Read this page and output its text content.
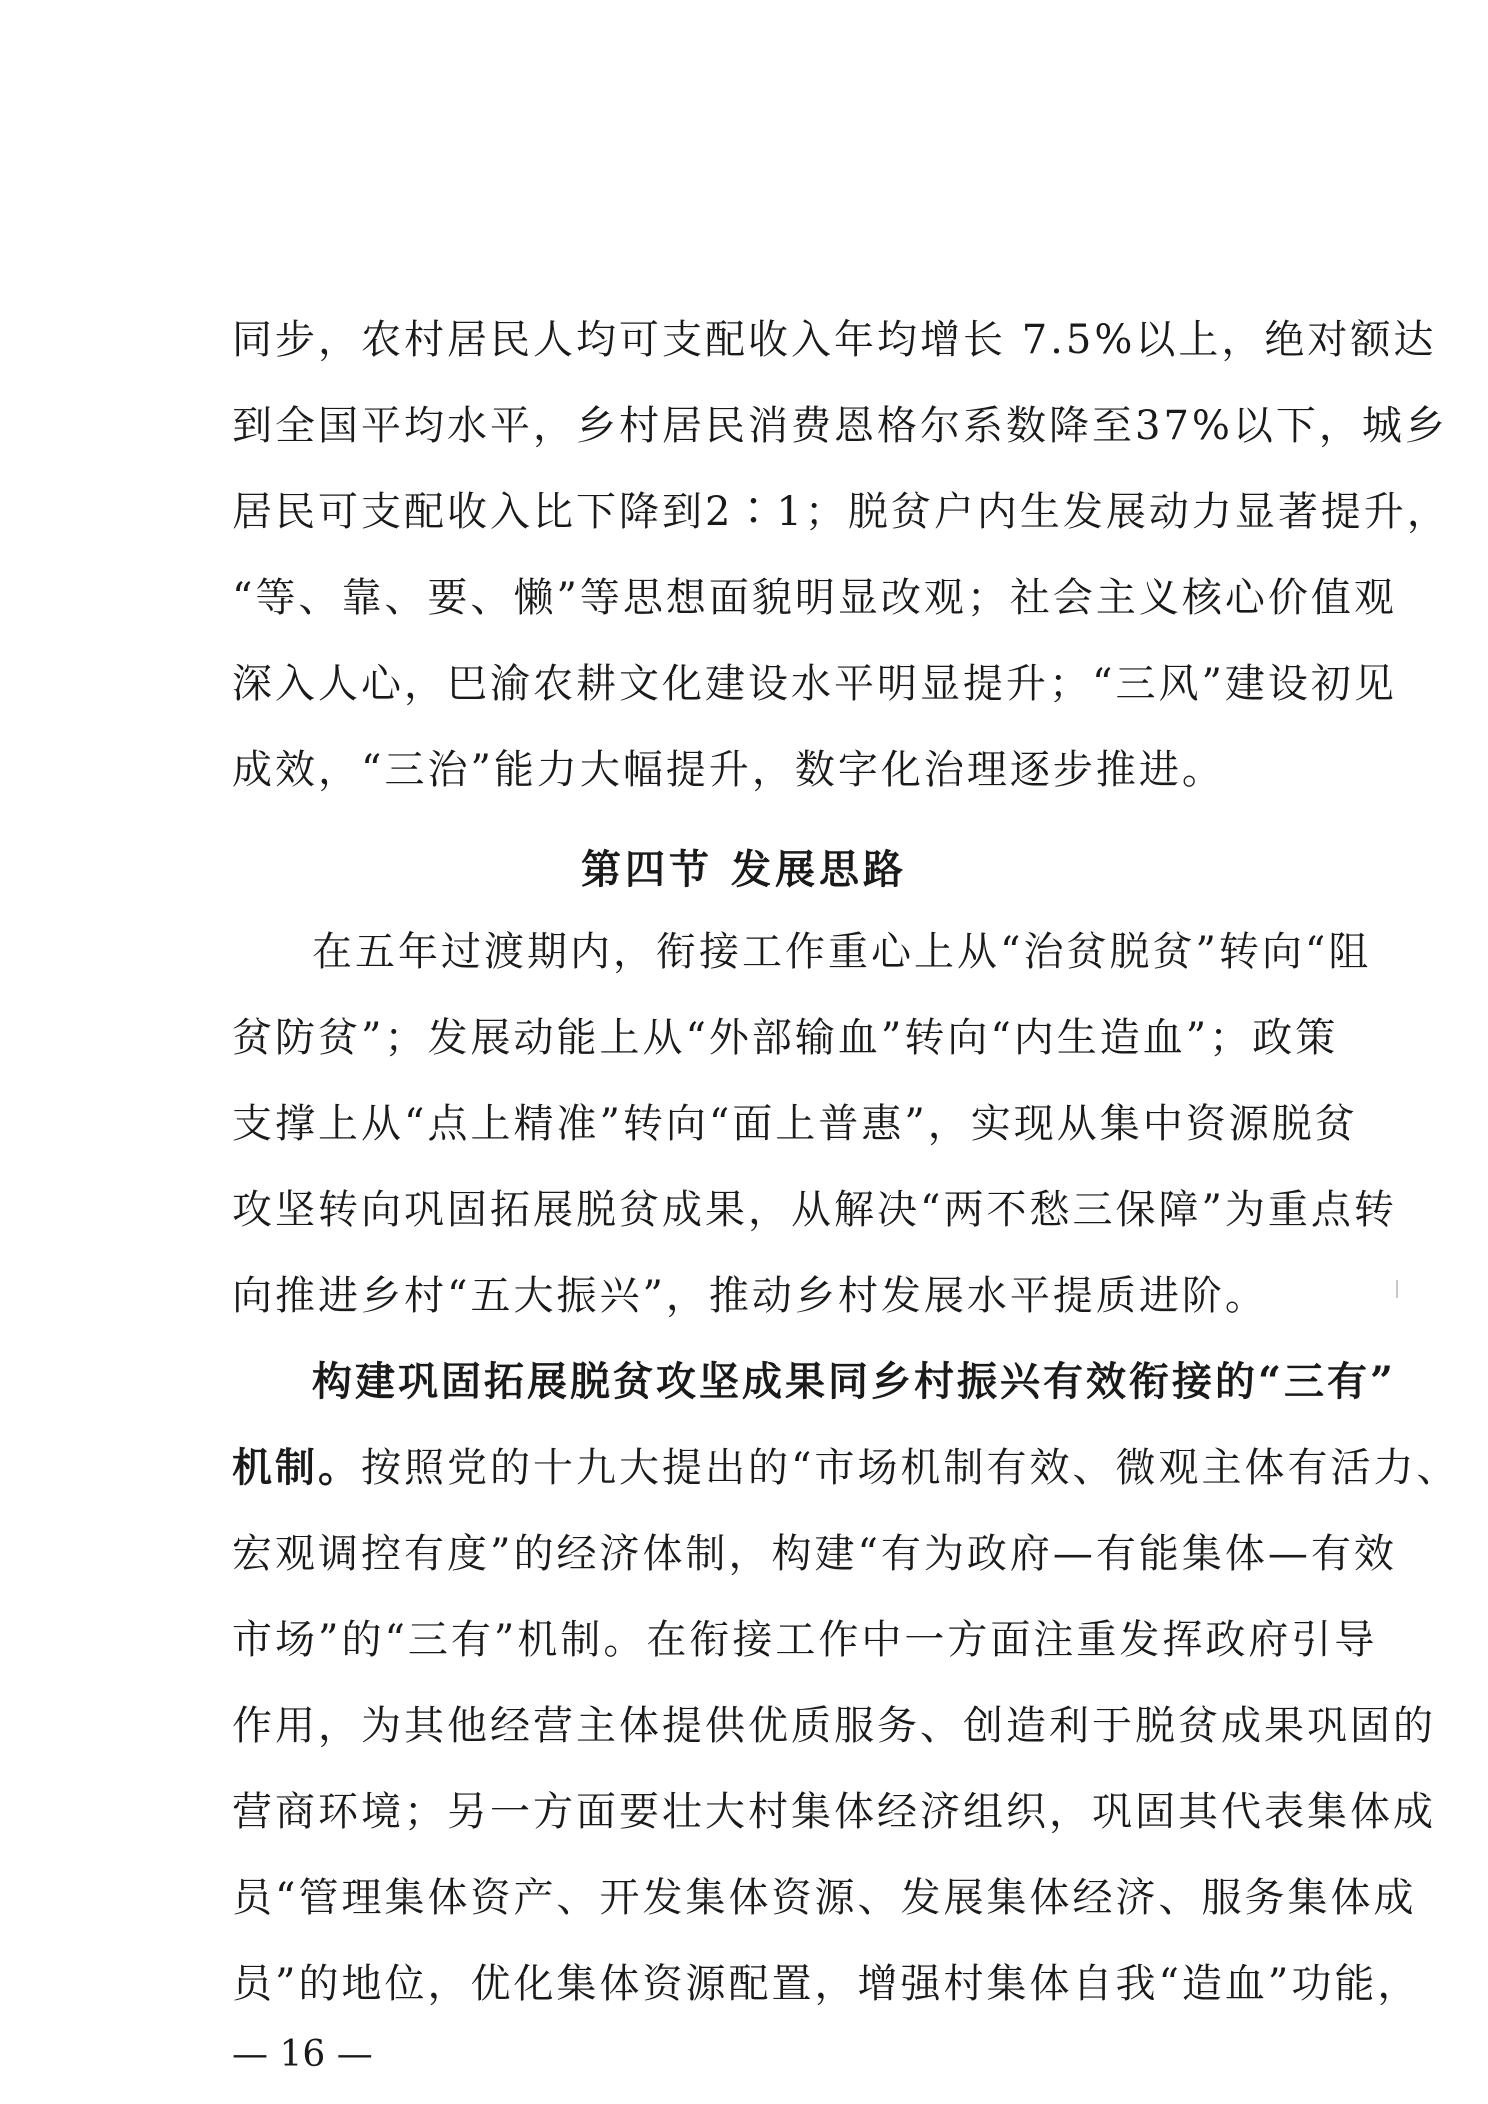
同步，农村居民人均可支配收入年均增长 7.5%以上，绝对额达
到全国平均水平，乡村居民消费恩格尔系数降至37%以下，城乡
居民可支配收入比下降到2∶1；脱贫户内生发展动力显著提升，
“等、靠、要、懒”等思想面貌明显改观；社会主义核心价值观
深入人心，巴渝农耕文化建设水平明显提升；“三风”建设初见
成效，“三治”能力大幅提升，数字化治理逐步推进。
第四节 发展思路
在五年过渡期内，衔接工作重心上从“治贫脱贫”转向“阻
贫防贫”；发展动能上从“外部输血”转向“内生造血”；政策
支撑上从“点上精准”转向“面上普惠”，实现从集中资源脱贫
攻坚转向巩固拓展脱贫成果，从解决“两不愁三保障”为重点转
向推进乡村“五大振兴”，推动乡村发展水平提质进阶。
构建巩固拓展脱贫攻坚成果同乡村振兴有效衔接的“三有”
机制。按照党的十九大提出的“市场机制有效、微观主体有活力、
宏观调控有度”的经济体制，构建“有为政府—有能集体—有效
市场”的“三有”机制。在衔接工作中一方面注重发挥政府引导
作用，为其他经营主体提供优质服务、创造利于脱贫成果巩固的
营商环境；另一方面要壮大村集体经济组织，巩固其代表集体成
员“管理集体资产、开发集体资源、发展集体经济、服务集体成
员”的地位，优化集体资源配置，增强村集体自我“造血”功能，
— 16 —
